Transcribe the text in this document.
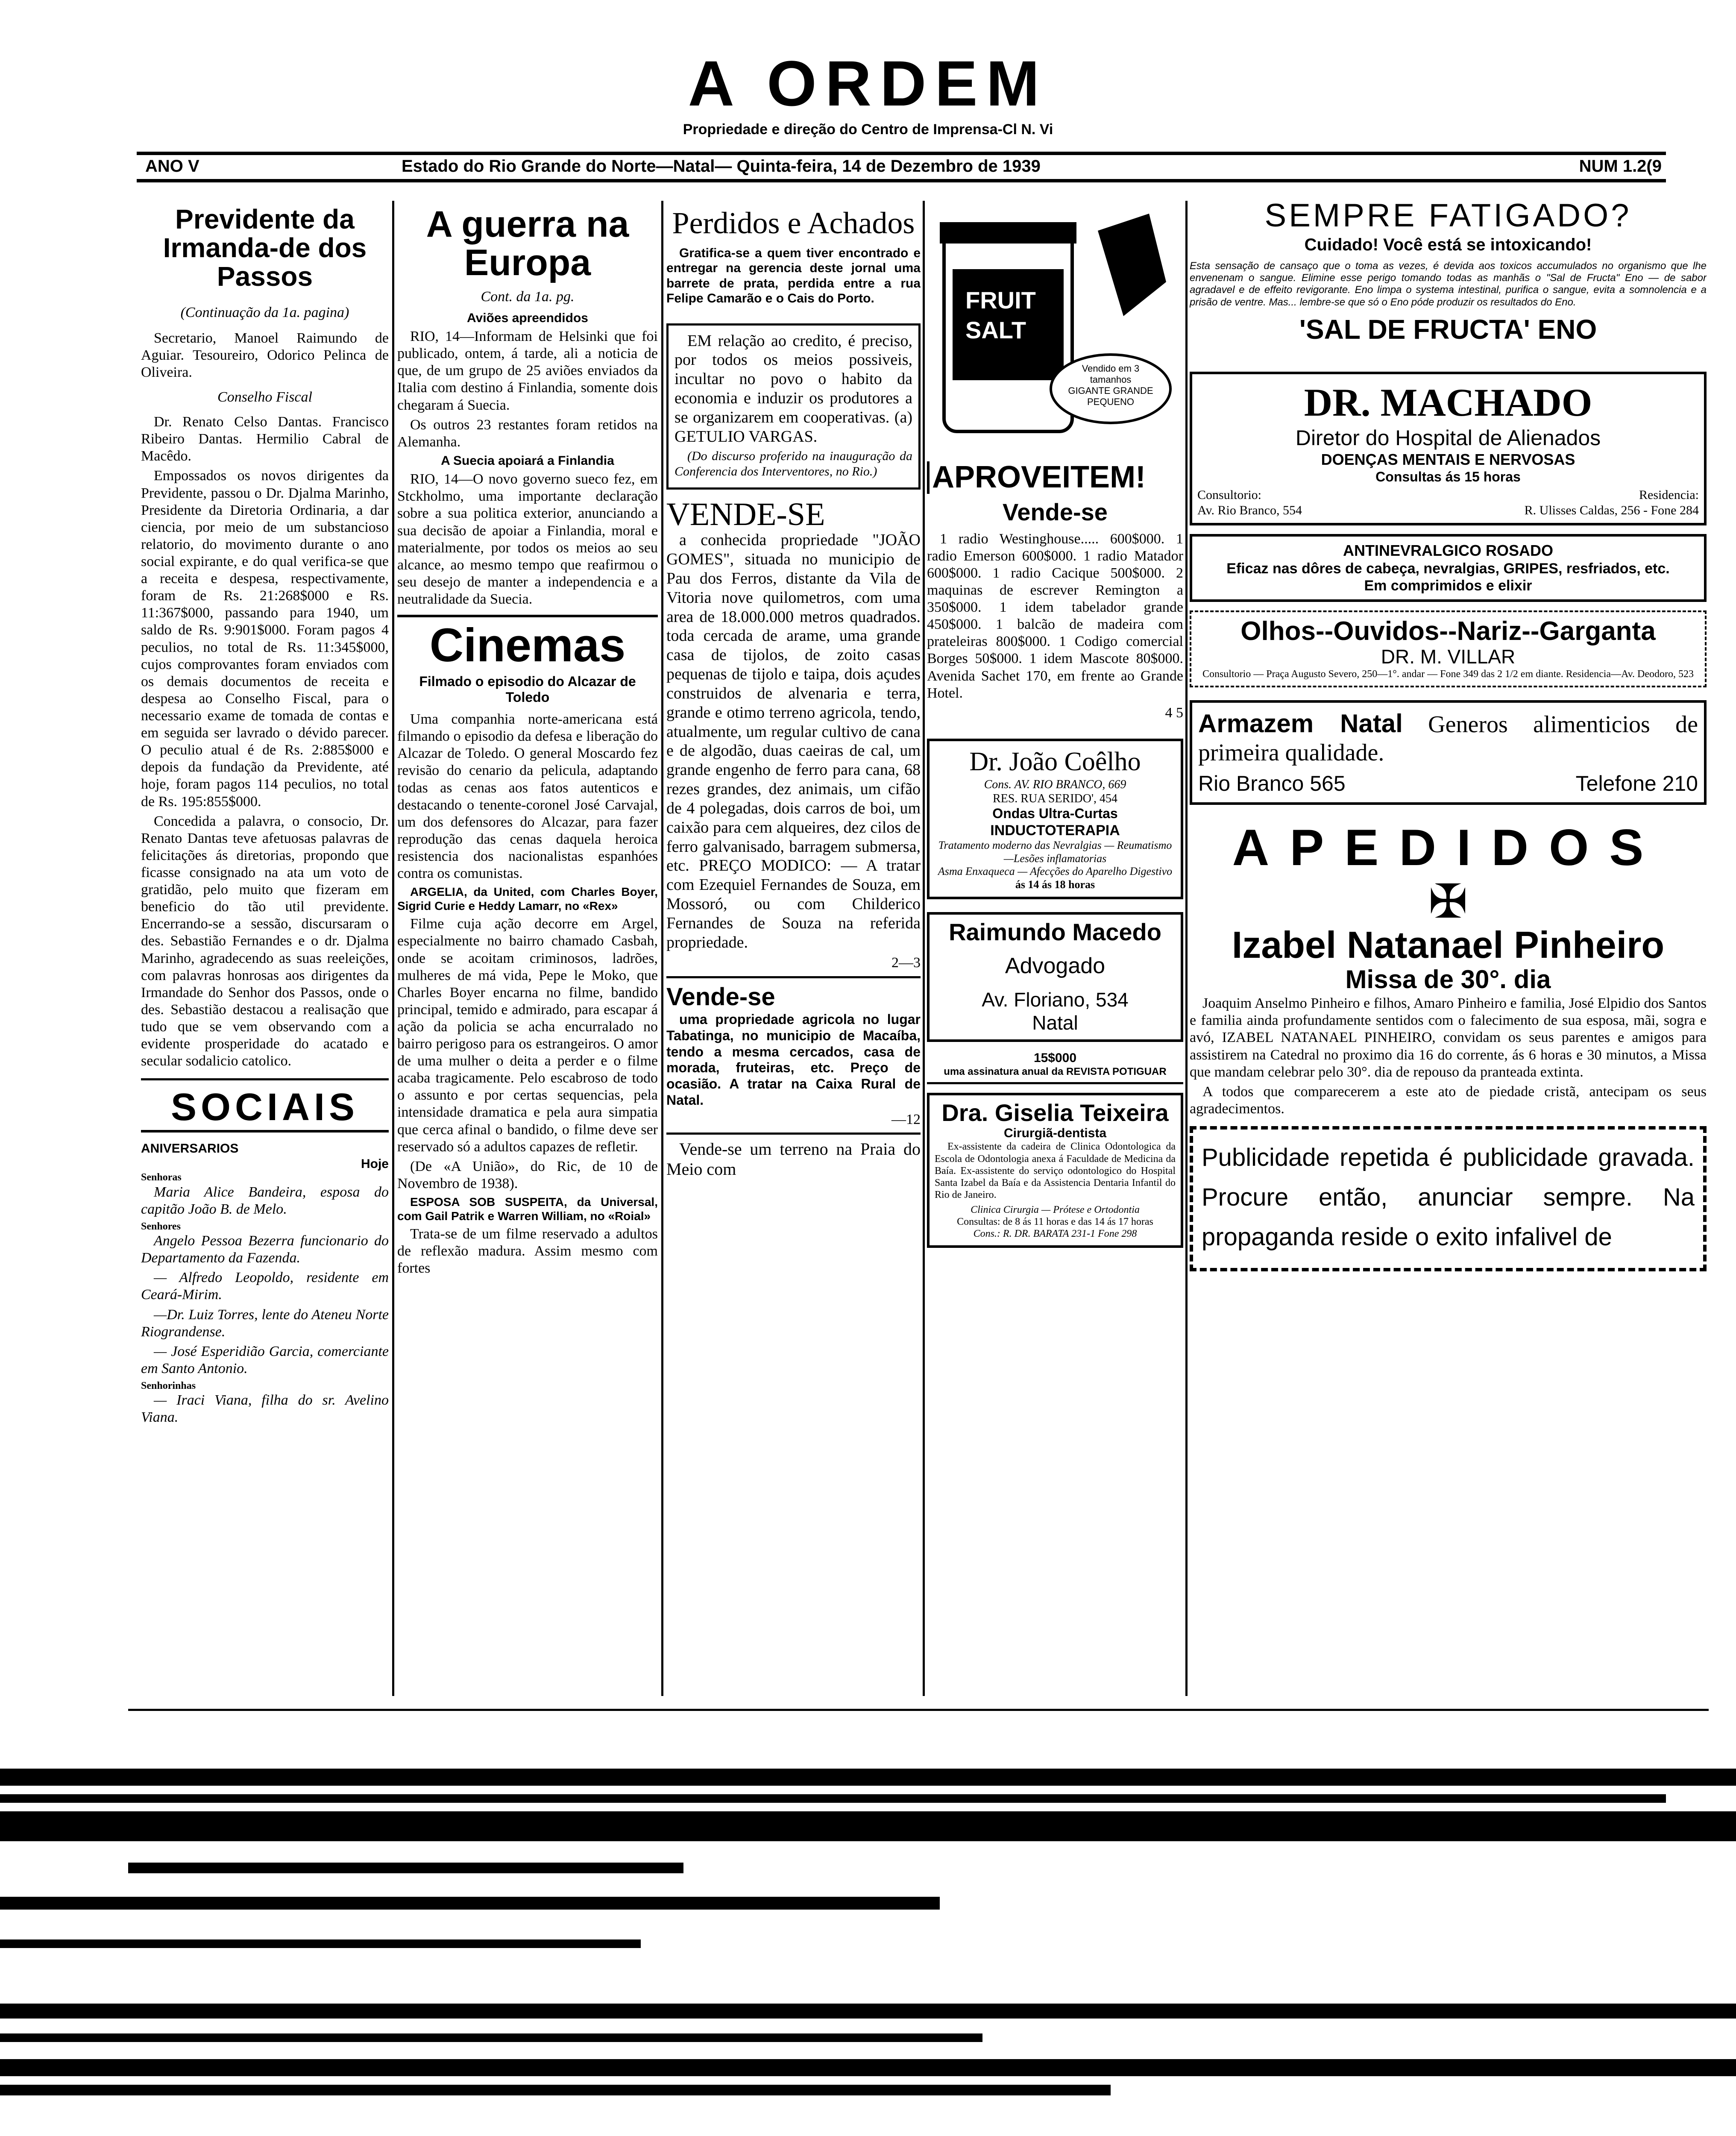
A ORDEM
Propriedade e direção do Centro de Imprensa-Cl N. Vi
ANO V	Estado do Rio Grande do Norte—Natal— Quinta-feira, 14 de Dezembro de 1939	NUM 1.2(9
Previdente da Irmanda-de dos Passos
(Continuação da 1a. pagina)

Secretario, Manoel Raimundo de Aguiar. Tesoureiro, Odorico Pelinca de Oliveira.

Conselho Fiscal

Dr. Renato Celso Dantas. Francisco Ribeiro Dantas. Hermilio Cabral de Macêdo.

Empossados os novos dirigentes da Previdente, passou o Dr. Djalma Marinho, Presidente da Diretoria Ordinaria, a dar ciencia, por meio de um substancioso relatorio, do movimento durante o ano social expirante, e do qual verifica-se que a receita e despesa, respectivamente, foram de Rs. 21:268$000 e Rs. 11:367$000, passando para 1940, um saldo de Rs. 9:901$000. Foram pagos 4 peculios, no total de Rs. 11:345$000, cujos comprovantes foram enviados com os demais documentos de receita e despesa ao Conselho Fiscal, para o necessario exame de tomada de contas e em seguida ser lavrado o dévido parecer. O peculio atual é de Rs. 2:885$000 e depois da fundação da Previdente, até hoje, foram pagos 114 peculios, no total de Rs. 195:855$000.

Concedida a palavra, o consocio, Dr. Renato Dantas teve afetuosas palavras de felicitações ás diretorias, propondo que ficasse consignado na ata um voto de gratidão, pelo muito que fizeram em beneficio do tão util previdente. Encerrando-se a sessão, discursaram o des. Sebastião Fernandes e o dr. Djalma Marinho, agradecendo as suas reeleições, com palavras honrosas aos dirigentes da Irmandade do Senhor dos Passos, onde o des. Sebastião destacou a realisação que tudo que se vem observando com a evidente prosperidade do acatado e secular sodalicio catolico.

SOCIAIS
ANIVERSARIOS
Hoje
Senhoras

Maria Alice Bandeira, esposa do capitão João B. de Melo.

Senhores

Angelo Pessoa Bezerra funcionario do Departamento da Fazenda.

— Alfredo Leopoldo, residente em Ceará-Mirim.

—Dr. Luiz Torres, lente do Ateneu Norte Riograndense.

— José Esperidião Garcia, comerciante em Santo Antonio.

Senhorinhas

— Iraci Viana, filha do sr. Avelino Viana.

A guerra na Europa
Cont. da 1a. pg.
Aviões apreendidos

RIO, 14—Informam de Helsinki que foi publicado, ontem, á tarde, ali a noticia de que, de um grupo de 25 aviões enviados da Italia com destino á Finlandia, somente dois chegaram á Suecia.

Os outros 23 restantes foram retidos na Alemanha.

A Suecia apoiará a Finlandia

RIO, 14—O novo governo sueco fez, em Stckholmo, uma importante declaração sobre a sua politica exterior, anunciando a sua decisão de apoiar a Finlandia, moral e materialmente, por todos os meios ao seu alcance, ao mesmo tempo que reafirmou o seu desejo de manter a independencia e a neutralidade da Suecia.

Cinemas
Filmado o episodio do Alcazar de Toledo

Uma companhia norte-americana está filmando o episodio da defesa e liberação do Alcazar de Toledo. O general Moscardo fez revisão do cenario da pelicula, adaptando todas as cenas aos fatos autenticos e destacando o tenente-coronel José Carvajal, um dos defensores do Alcazar, para fazer reprodução das cenas daquela heroica resistencia dos nacionalistas espanhóes contra os comunistas.

ARGELIA, da United, com Charles Boyer, Sigrid Curie e Heddy Lamarr, no «Rex»

Filme cuja ação decorre em Argel, especialmente no bairro chamado Casbah, onde se acoitam criminosos, ladrões, mulheres de má vida, Pepe le Moko, que Charles Boyer encarna no filme, bandido principal, temido e admirado, para escapar á ação da policia se acha encurralado no bairro perigoso para os estrangeiros. O amor de uma mulher o deita a perder e o filme acaba tragicamente. Pelo escabroso de todo o assunto e por certas sequencias, pela intensidade dramatica e pela aura simpatia que cerca afinal o bandido, o filme deve ser reservado só a adultos capazes de refletir.

(De «A União», do Ric, de 10 de Novembro de 1938).

ESPOSA SOB SUSPEITA, da Universal, com Gail Patrik e Warren William, no «Roial»

Trata-se de um filme reservado a adultos de reflexão madura. Assim mesmo com fortes

Perdidos e Achados

Gratifica-se a quem tiver encontrado e entregar na gerencia deste jornal uma barrete de prata, perdida entre a rua Felipe Camarão e o Cais do Porto.

EM relação ao credito, é preciso, por todos os meios possiveis, incultar no povo o habito da economia e induzir os produtores a se organizarem em cooperativas. (a) GETULIO VARGAS.

(Do discurso proferido na inauguração da Conferencia dos Interventores, no Rio.)

VENDE-SE

a conhecida propriedade "JOÃO GOMES", situada no municipio de Pau dos Ferros, distante da Vila de Vitoria nove quilometros, com uma area de 18.000.000 metros quadrados. toda cercada de arame, uma grande casa de tijolos, de zoito casas pequenas de tijolo e taipa, dois açudes construidos de alvenaria e terra, grande e otimo terreno agricola, tendo, atualmente, um regular cultivo de cana e de algodão, duas caeiras de cal, um grande engenho de ferro para cana, 68 rezes grandes, dez animais, um cifão de 4 polegadas, dois carros de boi, um caixão para cem alqueires, dez cilos de ferro galvanisado, barragem submersa, etc. PREÇO MODICO: — A tratar com Ezequiel Fernandes de Souza, em Mossoró, ou com Childerico Fernandes de Souza na referida propriedade.

2—3
Vende-se

uma propriedade agricola no lugar Tabatinga, no municipio de Macaíba, tendo a mesma cercados, casa de morada, fruteiras, etc. Preço de ocasião. A tratar na Caixa Rural de Natal.

—12

Vende-se um terreno na Praia do Meio com

FRUIT
SALT
Vendido em 3 tamanhos GIGANTE GRANDE PEQUENO
APROVEITEM!
Vende-se

1 radio Westinghouse..... 600$000. 1 radio Emerson 600$000. 1 radio Matador 600$000. 1 radio Cacique 500$000. 2 maquinas de escrever Remington a 350$000. 1 idem tabelador grande 450$000. 1 balcão de madeira com prateleiras 800$000. 1 Codigo comercial Borges 50$000. 1 idem Mascote 80$000. Avenida Sachet 170, em frente ao Grande Hotel.

4 5
Dr. João Coêlho
Cons. AV. RIO BRANCO, 669
RES. RUA SERIDO', 454
Ondas Ultra-Curtas
INDUCTOTERAPIA
Tratamento moderno das Nevralgias — Reumatismo—Lesões inflamatorias
Asma Enxaqueca — Afecções do Aparelho Digestivo
ás 14 ás 18 horas
Raimundo Macedo
Advogado
Av. Floriano, 534
Natal
15$000
uma assinatura anual da REVISTA POTIGUAR
Dra. Giselia Teixeira
Cirurgiã-dentista

Ex-assistente da cadeira de Clinica Odontologica da Escola de Odontologia anexa á Faculdade de Medicina da Baía. Ex-assistente do serviço odontologico do Hospital Santa Izabel da Baía e da Assistencia Dentaria Infantil do Rio de Janeiro.

Clinica Cirurgia — Prótese e Ortodontia
Consultas: de 8 ás 11 horas e das 14 ás 17 horas
Cons.: R. DR. BARATA 231-1 Fone 298
SEMPRE FATIGADO?
Cuidado! Você está se intoxicando!

Esta sensação de cansaço que o toma as vezes, é devida aos toxicos accumulados no organismo que lhe envenenam o sangue. Elimine esse perigo tomando todas as manhãs o "Sal de Fructa" Eno — de sabor agradavel e de effeito revigorante. Eno limpa o systema intestinal, purifica o sangue, evita a somnolencia e a prisão de ventre. Mas... lembre-se que só o Eno póde produzir os resultados do Eno.

'SAL DE FRUCTA' ENO
DR. MACHADO
Diretor do Hospital de Alienados
DOENÇAS MENTAIS E NERVOSAS
Consultas ás 15 horas
Consultorio:
Av. Rio Branco, 554
Residencia:
R. Ulisses Caldas, 256 - Fone 284
ANTINEVRALGICO ROSADO
Eficaz nas dôres de cabeça, nevralgias, GRIPES, resfriados, etc.
Em comprimidos e elixir
Olhos--Ouvidos--Nariz--Garganta
DR. M. VILLAR
Consultorio — Praça Augusto Severo, 250—1°. andar — Fone 349 das 2 1/2 em diante. Residencia—Av. Deodoro, 523
Armazem Natal Generos alimenticios de primeira qualidade.
Rio Branco 565	Telefone 210
APEDIDOS
✠
Izabel Natanael Pinheiro
Missa de 30°. dia

Joaquim Anselmo Pinheiro e filhos, Amaro Pinheiro e familia, José Elpidio dos Santos e familia ainda profundamente sentidos com o falecimento de sua esposa, mãi, sogra e avó, IZABEL NATANAEL PINHEIRO, convidam os seus parentes e amigos para assistirem na Catedral no proximo dia 16 do corrente, ás 6 horas e 30 minutos, a Missa que mandam celebrar pelo 30°. dia de repouso da pranteada extinta.

A todos que comparecerem a este ato de piedade cristã, antecipam os seus agradecimentos.

Publicidade repetida é publicidade gravada. Procure então, anunciar sempre. Na propaganda reside o exito infalivel de
